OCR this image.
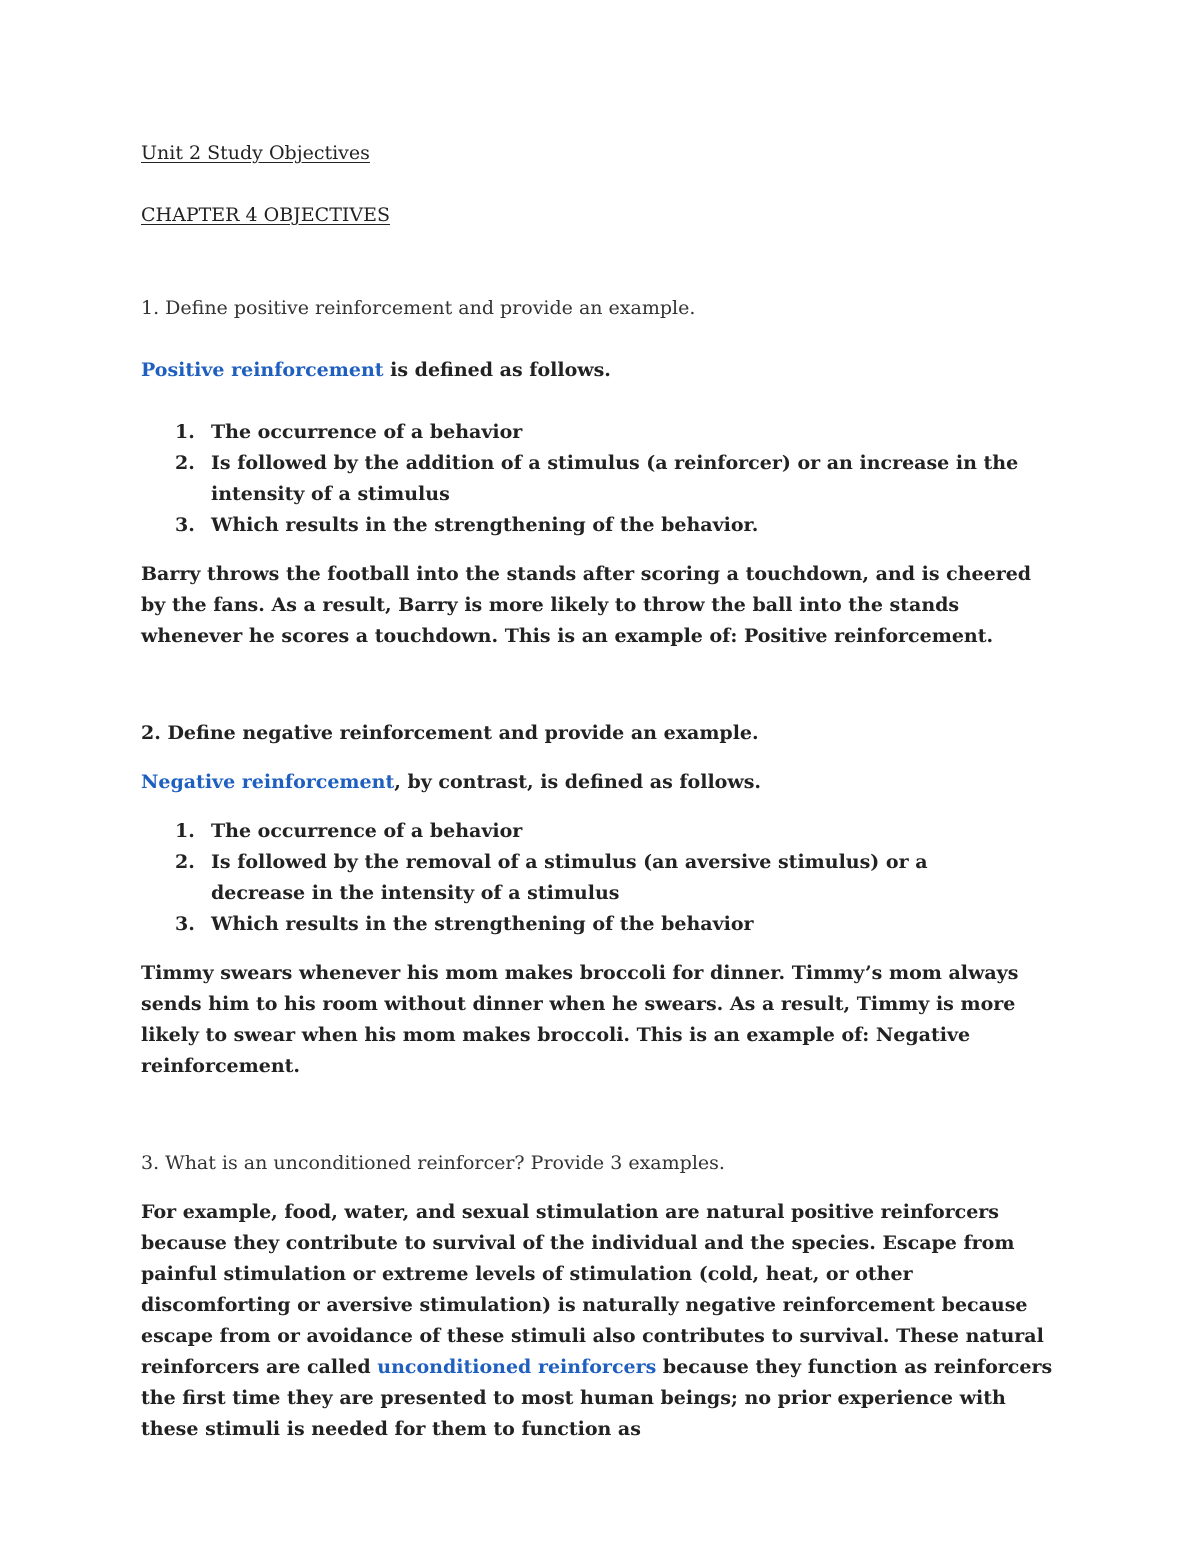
Unit 2 Study Objectives
CHAPTER 4 OBJECTIVES
1. Define positive reinforcement and provide an example.
Positive reinforcement is defined as follows.
1. The occurrence of a behavior
2. Is followed by the addition of a stimulus (a reinforcer) or an increase in the intensity of a stimulus
3. Which results in the strengthening of the behavior.
Barry throws the football into the stands after scoring a touchdown, and is cheered by the fans. As a result, Barry is more likely to throw the ball into the stands whenever he scores a touchdown. This is an example of: Positive reinforcement.
2. Define negative reinforcement and provide an example.
Negative reinforcement, by contrast, is defined as follows.
1. The occurrence of a behavior
2. Is followed by the removal of a stimulus (an aversive stimulus) or a decrease in the intensity of a stimulus
3. Which results in the strengthening of the behavior
Timmy swears whenever his mom makes broccoli for dinner. Timmy’s mom always sends him to his room without dinner when he swears. As a result, Timmy is more likely to swear when his mom makes broccoli. This is an example of: Negative reinforcement.
3. What is an unconditioned reinforcer? Provide 3 examples.
For example, food, water, and sexual stimulation are natural positive reinforcers because they contribute to survival of the individual and the species. Escape from painful stimulation or extreme levels of stimulation (cold, heat, or other discomforting or aversive stimulation) is naturally negative reinforcement because escape from or avoidance of these stimuli also contributes to survival. These natural reinforcers are called unconditioned reinforcers because they function as reinforcers the first time they are presented to most human beings; no prior experience with these stimuli is needed for them to function as
